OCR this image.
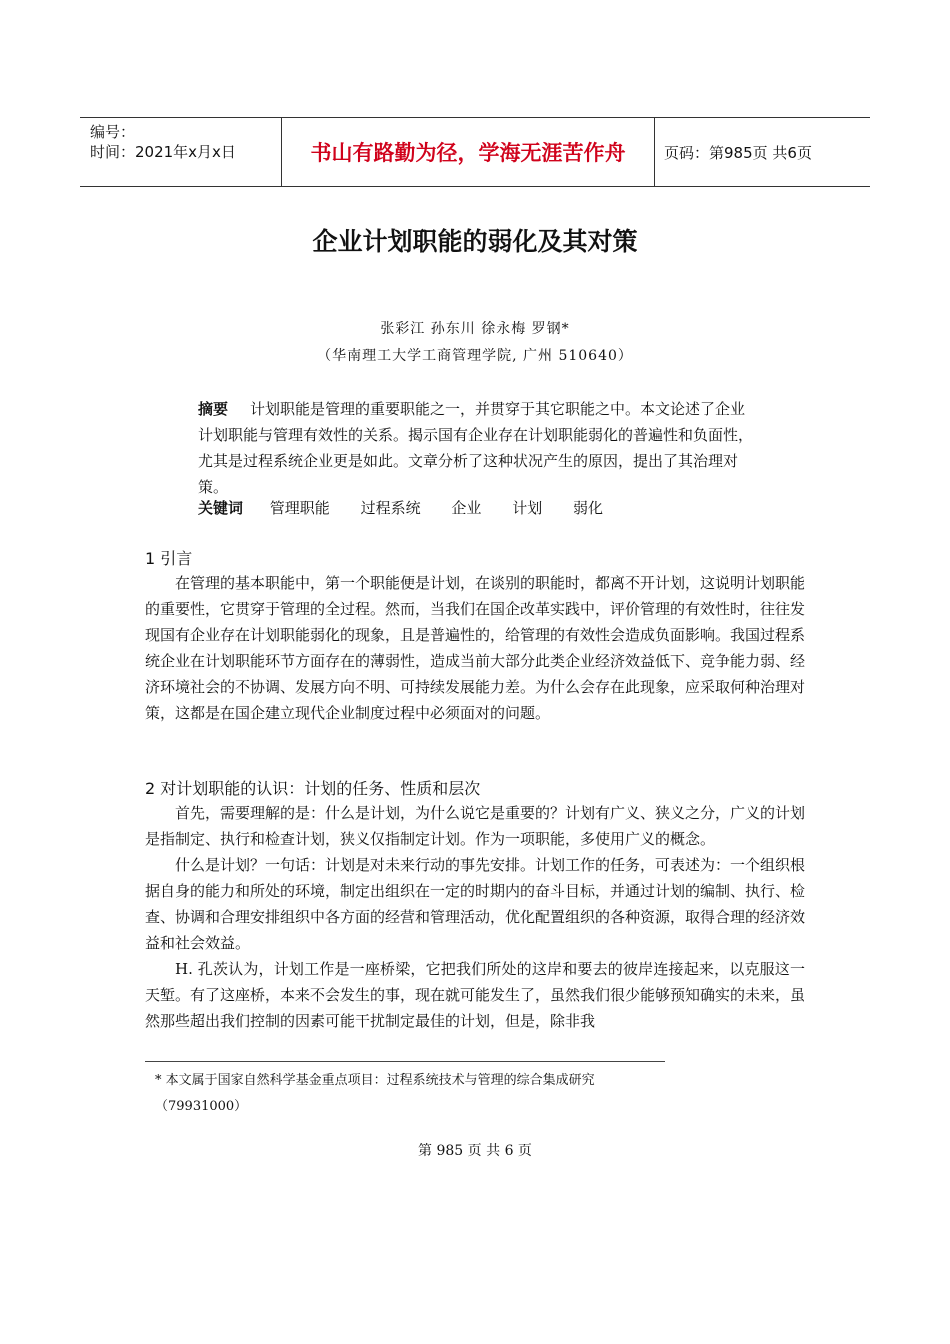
编号：
时间：2021年x月x日	书山有路勤为径，学海无涯苦作舟	页码：第985页 共6页
企业计划职能的弱化及其对策
张彩江 孙东川 徐永梅 罗钢*
（华南理工大学工商管理学院, 广州 510640）
摘要 计划职能是管理的重要职能之一，并贯穿于其它职能之中。本文论述了企业计划职能与管理有效性的关系。揭示国有企业存在计划职能弱化的普遍性和负面性，尤其是过程系统企业更是如此。文章分析了这种状况产生的原因，提出了其治理对策。
关键词 管理职能 过程系统 企业 计划 弱化
1 引言

在管理的基本职能中，第一个职能便是计划，在谈别的职能时，都离不开计划，这说明计划职能的重要性，它贯穿于管理的全过程。然而，当我们在国企改革实践中，评价管理的有效性时，往往发现国有企业存在计划职能弱化的现象，且是普遍性的，给管理的有效性会造成负面影响。我国过程系统企业在计划职能环节方面存在的薄弱性，造成当前大部分此类企业经济效益低下、竞争能力弱、经济环境社会的不协调、发展方向不明、可持续发展能力差。为什么会存在此现象，应采取何种治理对策，这都是在国企建立现代企业制度过程中必须面对的问题。

2 对计划职能的认识：计划的任务、性质和层次

首先，需要理解的是：什么是计划，为什么说它是重要的？计划有广义、狭义之分，广义的计划是指制定、执行和检查计划，狭义仅指制定计划。作为一项职能，多使用广义的概念。

什么是计划？一句话：计划是对未来行动的事先安排。计划工作的任务，可表述为：一个组织根据自身的能力和所处的环境，制定出组织在一定的时期内的奋斗目标，并通过计划的编制、执行、检查、协调和合理安排组织中各方面的经营和管理活动，优化配置组织的各种资源，取得合理的经济效益和社会效益。

H. 孔茨认为，计划工作是一座桥梁，它把我们所处的这岸和要去的彼岸连接起来，以克服这一天堑。有了这座桥，本来不会发生的事，现在就可能发生了，虽然我们很少能够预知确实的未来，虽然那些超出我们控制的因素可能干扰制定最佳的计划，但是，除非我

* 本文属于国家自然科学基金重点项目：过程系统技术与管理的综合集成研究
（79931000）
第 985 页 共 6 页
